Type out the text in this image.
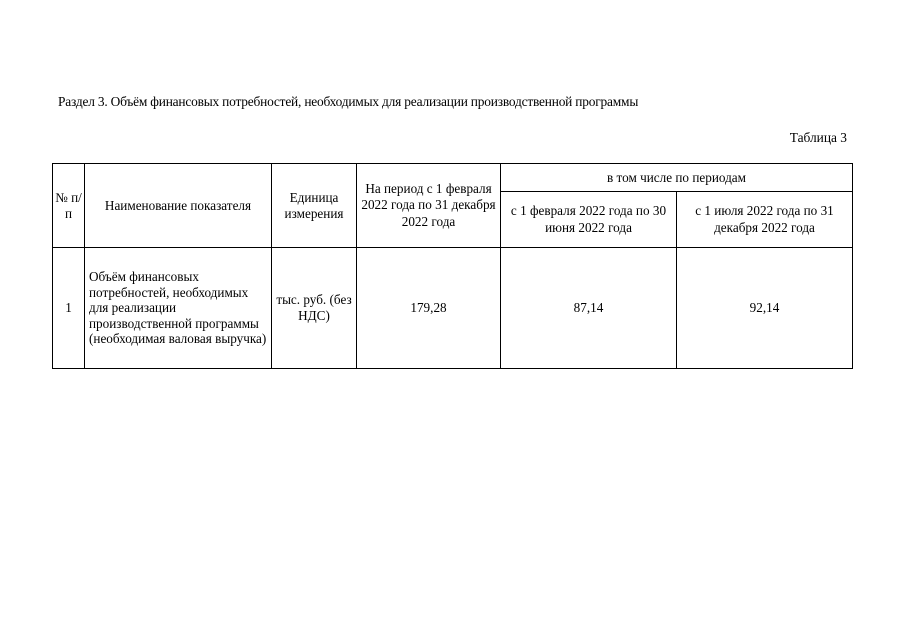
Раздел 3. Объём финансовых потребностей, необходимых для реализации производственной программы
Таблица 3
№ п/п	Наименование показателя	Единица измерения	На период с 1 февраля 2022 года по 31 декабря 2022 года	в том числе по периодам	
				с 1 февраля 2022 года по 30 июня 2022 года	с 1 июля 2022 года по 31 декабря 2022 года
1	Объём финансовых потребностей, необходимых для реализации производственной программы (необходимая валовая выручка)	тыс. руб. (без НДС)	179,28	87,14	92,14
